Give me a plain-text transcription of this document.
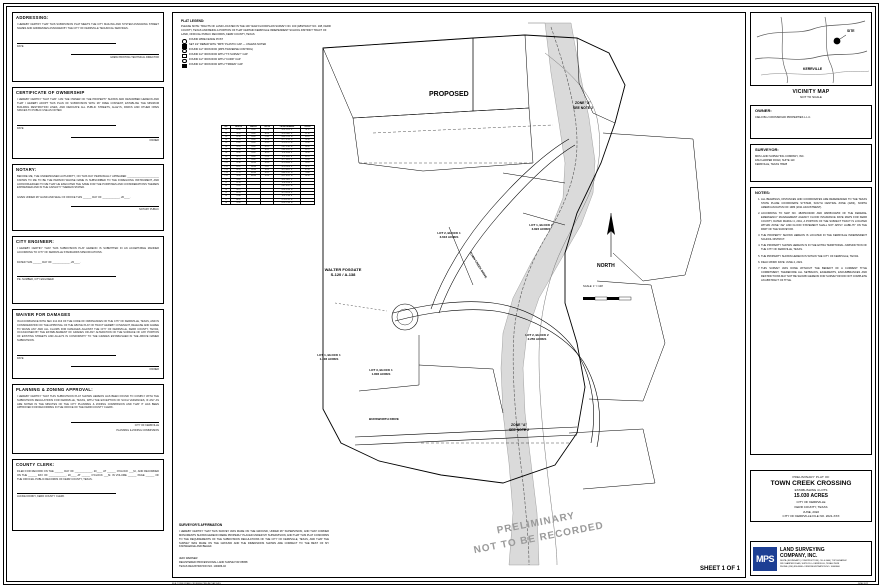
ADDRESSING:
I HEREBY CERTIFY THAT THIS SUBDIVISION PLAT MEETS THE CITY MAILING AND SYSTEM ASSIGNING STREET NAMES AND ADDRESSES ASSIGNED BY THE CITY OF KERRVILLE TECHNICAL SERVICES.
DATE
GREW PRINTING TECHNICAL DIRECTOR
CERTIFICATE OF OWNERSHIP
I HEREBY CERTIFY THAT THAT I AM THE OWNER OF THE PROPERTY SHOWN AND DESCRIBED HEREON AND THAT I HEREBY ADOPT THIS PLAN OF SUBDIVISION WITH MY FREE CONSENT, ESTABLISH THE MINIMUM BUILDING RESTRICTION LINES, AND DEDICATE ALL PUBLIC STREETS, ALLEYS, PARKS AND OTHER OPEN SPACES TO PUBLIC USE AS NOTED.
DATE
OWNER
NOTARY:
BEFORE ME, THE UNDERSIGNED AUTHORITY, ON THIS DAY PERSONALLY APPEARED ______________________ KNOWN TO ME TO BE THE PERSON WHOSE NAME IS SUBSCRIBED TO THE FOREGOING INSTRUMENT, AND ACKNOWLEDGED TO ME THAT HE EXECUTED THE SAME FOR THE PURPOSES AND CONSIDERATIONS THEREIN EXPRESSED AND IN THE CAPACITY THEREIN STATED.
GIVEN UNDER MY HAND AND SEAL OF OFFICE THIS ______ DAY OF ____________, 20____.
NOTARY PUBLIC
CITY ENGINEER:
I HEREBY CERTIFY THAT THIS SUBDIVISION PLAT HEREON IS SUBMITTED IN AN ACCEPTABLE MANNER ACCORDING TO CITY OF KERRVILLE STANDARDS SPECIFICATIONS.
DATED THIS ______ DAY OF ____________, 20____.
P.E. NUMBER, CITY ENGINEER
WAIVER FOR DAMAGES
IN ACCORDANCE WITH SEC 212.013 OF THE CODE OF ORDINANCES OF THE CITY OF KERRVILLE, TEXAS, AND IN CONSIDERATION OF THE APPROVAL OF THE ABOVE PLAT OF TRACT HEREBY COVENANT, RELEASE AND AGREE TO WAIVE ANY AND ALL CLAIMS FOR DAMAGES AGAINST THE CITY OF KERRVILLE, KERR COUNTY, TEXAS, OCCASIONED BY THE ESTABLISHMENT OF GRADES OR ANY ALTERATION OF THE SURFACE OF ANY PORTION OF EXISTING STREETS AND ALLEYS IN CONFORMITY TO THE GRADES ESTABLISHED IN THE ABOVE NAMED SUBDIVISION.
DATE
OWNER
PLANNING & ZONING APPROVAL:
I HEREBY CERTIFY THAT THIS SUBDIVISION PLAT SHOWN HEREON HAS BEEN FOUND TO COMPLY WITH THE SUBDIVISION REGULATIONS FOR KERRVILLE, TEXAS, WITH THE EXCEPTION OF SUCH VARIANCES, IF ANY AS ARE NOTED IN THE MINUTES OF THE CITY PLANNING & ZONING COMMISSION AND THAT IT HAS BEEN APPROVED FOR RECORDING IN THE OFFICE OF THE KERR COUNTY CLERK.
CITY OF KERRVILLE
PLANNING & ZONING COMMISSION
COUNTY CLERK:
FILED FOR RECORD ON THE ______ DAY OF ____________, 20____ AT ______ O'CLOCK ___M., AND RECORDED ON THE ______ DAY OF ____________, 20____ AT ______ O'CLOCK ___M. IN VOLUME ______ PAGE ______ OF THE OFFICIAL PUBLIC RECORDS OF KERR COUNTY, TEXAS.
JACKIE DOWDY, KERR COUNTY CLERK
PLAT LEGEND:
PLEASE NOTE: TRACTS OF LAND LOCATED IN THE 100 YEAR FLOODPLAIN SURVEY NO. 160 (ABSTRACT NO. 108, KERR COUNTY, TEXAS AND BEING A PORTION OF THAT CERTAIN KERRVILLE INDEPENDENT SCHOOL DISTRICT TRACT OF LAND, OFFICIAL PUBLIC RECORDS, KERR COUNTY, TEXAS
FOUND WIRE FENCE POST
SET 1/2" REBAR WITH "MPS" PLASTIC CAP — UNLESS NOTED
FOUND 1/2" IRON ROD (MPS TRAVERSE CONTROL)
FOUND 1/2" IRON ROD WITH "TX SURVEY" CAP
FOUND 1/2" IRON ROD WITH "CURD" CAP
FOUND 1/2" IRON ROD WITH "TRIDEN" CAP
NO.	LENGTH	RADIUS	DELTA	CHORD BEARING	CHORD
C1	24.35	50.00	27°54'	N 41°22'15" E	24.11
C2	31.62	50.00	36°14'	N 09°18'42" E	31.10
C3	45.18	50.00	51°46'	N 34°51'10" W	43.65
C4	28.74	50.00	32°56'	N 77°12'33" W	28.34
C5	19.62	50.00	22°29'	S 75°02'11" W	19.50
C6	39.41	50.00	45°10'	S 41°12'48" W	38.40
C7	33.18	50.00	38°01'	S 00°33'19" W	32.57
C8	26.90	50.00	30°50'	S 33°45'06" E	26.58
C9	44.77	50.00	51°18'	S 74°49'32" E	43.29
C10	21.11	50.00	24°12'	N 77°33'15" E	20.96
C11	52.36	150.00	20°00'	N 55°00'00" E	52.09
C12	60.52	150.00	23°07'	N 33°26'18" E	60.11
C13	48.19	150.00	18°24'	N 12°40'22" E	47.98
C14	71.25	200.00	20°25'	N 06°52'41" W	70.88
C15	36.44	200.00	10°26'	N 22°18'55" W	36.39
L1	55.62			N 61°18'22" E	
L2	42.18			S 28°41'38" E	
L3	78.95			S 61°18'22" W	
L4	31.07			N 28°41'38" W	
L5	64.33			N 75°02'14" E	
L6	29.48			S 14°57'46" E	
L7	88.12			S 75°02'14" W	
L8	52.60			N 14°57'46" W	
PROPOSED
ZONE "A"
SEE NOTE 2
ZONE "A"
SEE NOTE 2
LOT 2, BLOCK 1
3.616 ACRES
LOT 1, BLOCK 2
3.822 ACRES
LOT 2, BLOCK 2
2.250 ACRES
LOT 3, BLOCK 1
1.806 ACRES
LOT 1, BLOCK 1
1.406 ACRES

WALTER FOSGATE
S-120 / A-138

BUDSWORTH DRIVE
TOWN CREEK DRIVE	NORTH
SCALE: 1" = 100'

PRELIMINARY
NOT TO BE RECORDED

SURVEYOR'S AFFIRMATION
I HEREBY CERTIFY THAT THIS SURVEY WAS MADE ON THE GROUND, UNDER MY SUPERVISION, AND THAT CORNER MONUMENTS SHOWN HEREON WERE PROPERLY PLACED UNDER MY SUPERVISION, AND THAT THIS PLAT CONFORMS TO THE REQUIREMENTS OF THE SUBDIVISION REGULATIONS OF THE CITY OF KERRVILLE, TEXAS, AND THAT THE SURVEY WAS MADE ON THE GROUND AND THE DIMENSIONS SHOWN ARE CORRECT TO THE BEST OF MY KNOWLEDGE AND BELIEF.
JEFF WERNER
REGISTERED PROFESSIONAL LAND SURVEYOR #5958
TEXAS REGISTRATION NO. 100486-02
SITE
KERRVILLE
VICINITY MAP
NOT TO SCALE
OWNER:
CIELO BLU CROSSROAD PROPERTIES L.L.C.
SURVEYOR:
MDS LAND SURVEYING COMPANY, INC.
1812 HARPER ROAD, SUITE 110
KERRVILLE, TEXAS 78028
NOTES:
1. ALL BEARINGS, DISTANCES AND COORDINATES ARE REFERENCED TO THE TEXAS STATE PLANE COORDINATE SYSTEM, SOUTH CENTRAL ZONE (4204), NORTH AMERICAN DATUM OF 1983 (2011 ADJUSTMENT).
2. ACCORDING TO MAP NO. 48265C0400F AND 48265C0425F OF THE FEDERAL EMERGENCY MANAGEMENT AGENCY FLOOD INSURANCE RATE MAPS FOR KERR COUNTY, DATED MARCH 4, 2011, A PORTION OF THE SUBJECT TRACT IS LOCATED WITHIN ZONE "AE" AND FLOOD STATEMENT SHALL NOT APPLY LIABILITY ON THE PART OF THE SURVEYOR.
3. THE PROPERTY SHOWN HEREON IS LOCATED IN THE KERRVILLE INDEPENDENT SCHOOL DISTRICT.
4. THE PROPERTY SHOWN HEREON IS IN THE EXTRA TERRITORIAL JURISDICTION OF THE CITY OF KERRVILLE, TEXAS.
5. THE PROPERTY SHOWN HEREON IS WITHIN THE CITY OF KERRVILLE, TEXAS.
6. FIELD WORK DATE: JUNE 4, 2021.
7. THIS SURVEY WAS DONE WITHOUT THE BENEFIT OF A CURRENT TITLE COMMITMENT, THEREFORE ALL SETBACKS, EASEMENTS, ENCUMBRANCES AND RESTRICTIONS MAY NOT BE SHOWN HEREON FOR SURVEYOR DID NOT COMPLETE AN ABSTRACT OF TITLE.
PRELIMINARY PLAT OF
TOWN CREEK CROSSING
ESTABLISHING 4 LOTS
15.030 ACRES
CITY OF KERRVILLE
KERR COUNTY, TEXAS
JUNE, 2022
CITY OF KERRVILLE FILE NO. 2021-XXX
MPS
LAND SURVEYING
COMPANY, INC.
DELTA | BOUNDARY | CONSTRUCTION | OIL & GAS | TOPOGRAPHIC
1812 HARPER ROAD, SUITE 110 • KERRVILLE, TEXAS 78028
PHONE: (830) 896-8686 • FIRM REGISTRATION NO. 10048600
SHEET 1 OF 1
FILE: TOWN CREEK CROSSING PRELIM PLAT.DWG	JUNE 2022
